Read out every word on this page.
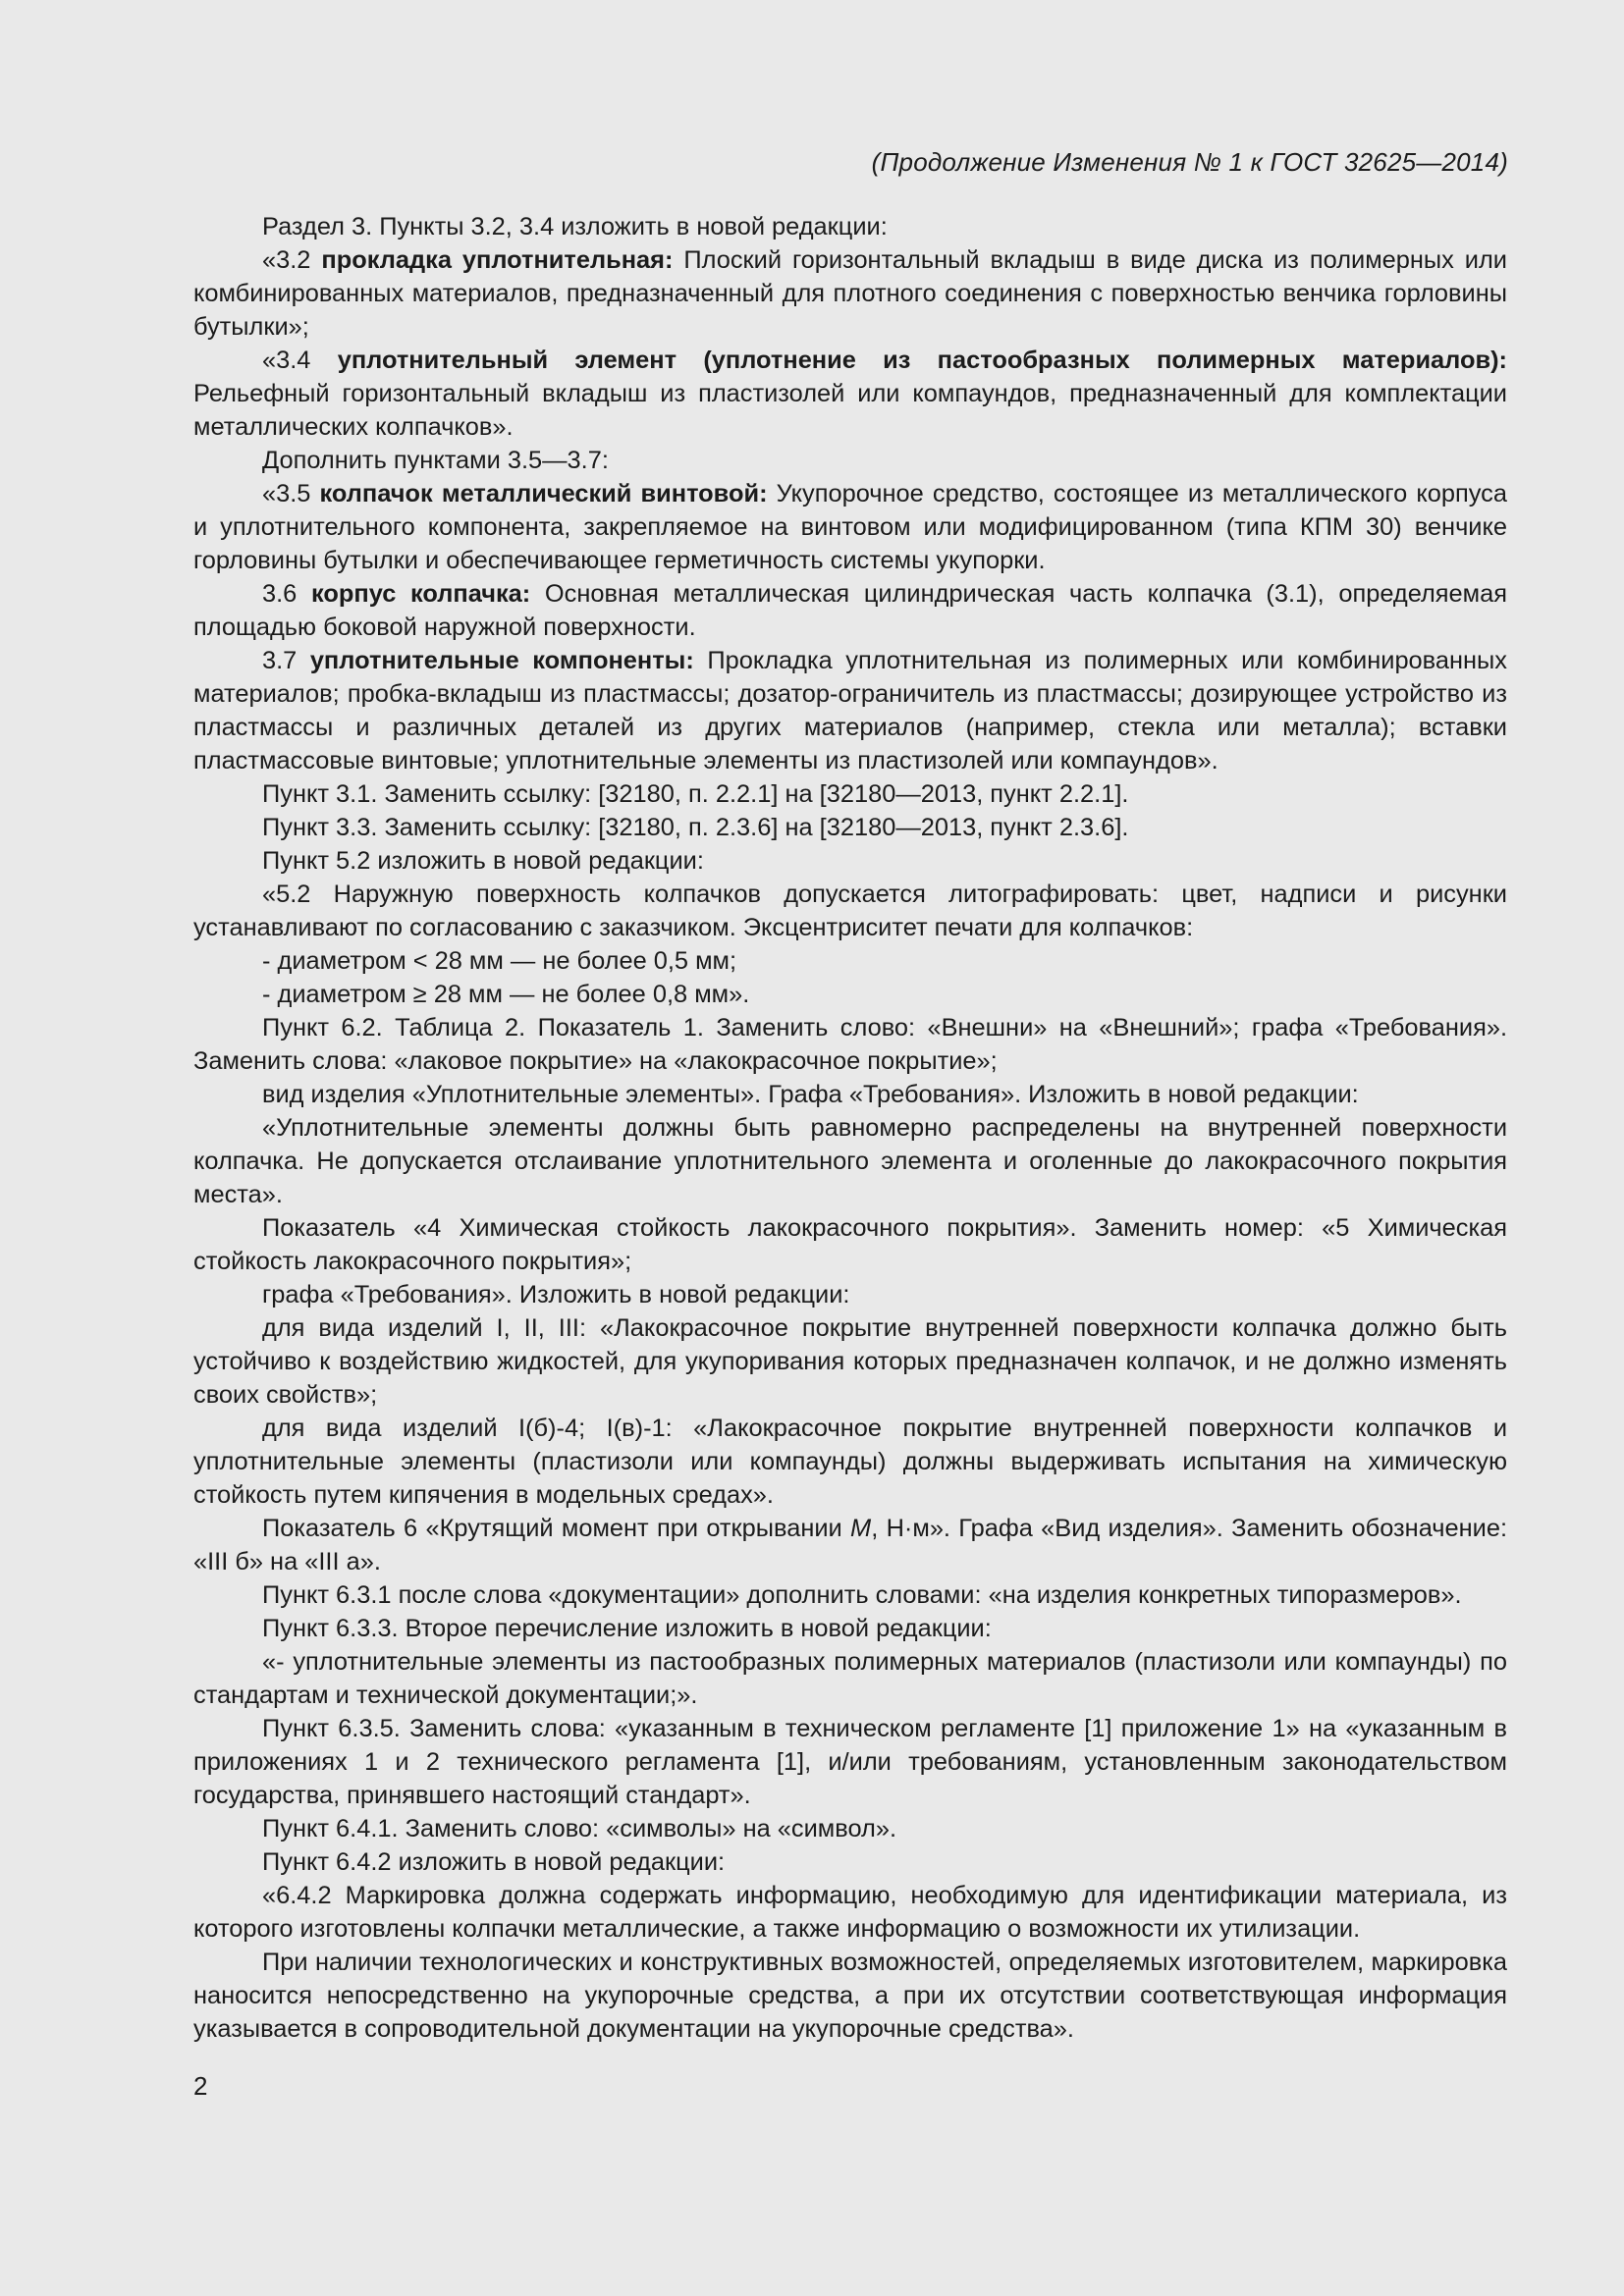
(Продолжение Изменения № 1 к ГОСТ 32625—2014)

Раздел 3. Пункты 3.2, 3.4 изложить в новой редакции:

«3.2 прокладка уплотнительная: Плоский горизонтальный вкладыш в виде диска из полимерных или комбинированных материалов, предназначенный для плотного соединения с поверхностью венчика горловины бутылки»;

«3.4 уплотнительный элемент (уплотнение из пастообразных полимерных материалов): Рельефный горизонтальный вкладыш из пластизолей или компаундов, предназначенный для комплектации металлических колпачков».

Дополнить пунктами 3.5—3.7:

«3.5 колпачок металлический винтовой: Укупорочное средство, состоящее из металлического корпуса и уплотнительного компонента, закрепляемое на винтовом или модифицированном (типа КПМ 30) венчике горловины бутылки и обеспечивающее герметичность системы укупорки.

3.6 корпус колпачка: Основная металлическая цилиндрическая часть колпачка (3.1), определяемая площадью боковой наружной поверхности.

3.7 уплотнительные компоненты: Прокладка уплотнительная из полимерных или комбинированных материалов; пробка-вкладыш из пластмассы; дозатор-ограничитель из пластмассы; дозирующее устройство из пластмассы и различных деталей из других материалов (например, стекла или металла); вставки пластмассовые винтовые; уплотнительные элементы из пластизолей или компаундов».

Пункт 3.1. Заменить ссылку: [32180, п. 2.2.1] на [32180—2013, пункт 2.2.1].

Пункт 3.3. Заменить ссылку: [32180, п. 2.3.6] на [32180—2013, пункт 2.3.6].

Пункт 5.2 изложить в новой редакции:

«5.2 Наружную поверхность колпачков допускается литографировать: цвет, надписи и рисунки устанавливают по согласованию с заказчиком. Эксцентриситет печати для колпачков:

- диаметром < 28 мм — не более 0,5 мм;

- диаметром ≥ 28 мм — не более 0,8 мм».

Пункт 6.2. Таблица 2. Показатель 1. Заменить слово: «Внешни» на «Внешний»; графа «Требования». Заменить слова: «лаковое покрытие» на «лакокрасочное покрытие»;

вид изделия «Уплотнительные элементы». Графа «Требования». Изложить в новой редакции:

«Уплотнительные элементы должны быть равномерно распределены на внутренней поверхности колпачка. Не допускается отслаивание уплотнительного элемента и оголенные до лакокрасочного покрытия места».

Показатель «4 Химическая стойкость лакокрасочного покрытия». Заменить номер: «5 Химическая стойкость лакокрасочного покрытия»;

графа «Требования». Изложить в новой редакции:

для вида изделий I, II, III: «Лакокрасочное покрытие внутренней поверхности колпачка должно быть устойчиво к воздействию жидкостей, для укупоривания которых предназначен колпачок, и не должно изменять своих свойств»;

для вида изделий I(б)-4; I(в)-1: «Лакокрасочное покрытие внутренней поверхности колпачков и уплотнительные элементы (пластизоли или компаунды) должны выдерживать испытания на химическую стойкость путем кипячения в модельных средах».

Показатель 6 «Крутящий момент при открывании М, Н·м». Графа «Вид изделия». Заменить обозначение: «III б» на «III а».

Пункт 6.3.1 после слова «документации» дополнить словами: «на изделия конкретных типоразмеров».

Пункт 6.3.3. Второе перечисление изложить в новой редакции:

«- уплотнительные элементы из пастообразных полимерных материалов (пластизоли или компаунды) по стандартам и технической документации;».

Пункт 6.3.5. Заменить слова: «указанным в техническом регламенте [1] приложение 1» на «указанным в приложениях 1 и 2 технического регламента [1], и/или требованиям, установленным законодательством государства, принявшего настоящий стандарт».

Пункт 6.4.1. Заменить слово: «символы» на «символ».

Пункт 6.4.2 изложить в новой редакции:

«6.4.2 Маркировка должна содержать информацию, необходимую для идентификации материала, из которого изготовлены колпачки металлические, а также информацию о возможности их утилизации.

При наличии технологических и конструктивных возможностей, определяемых изготовителем, маркировка наносится непосредственно на укупорочные средства, а при их отсутствии соответствующая информация указывается в сопроводительной документации на укупорочные средства».

2
